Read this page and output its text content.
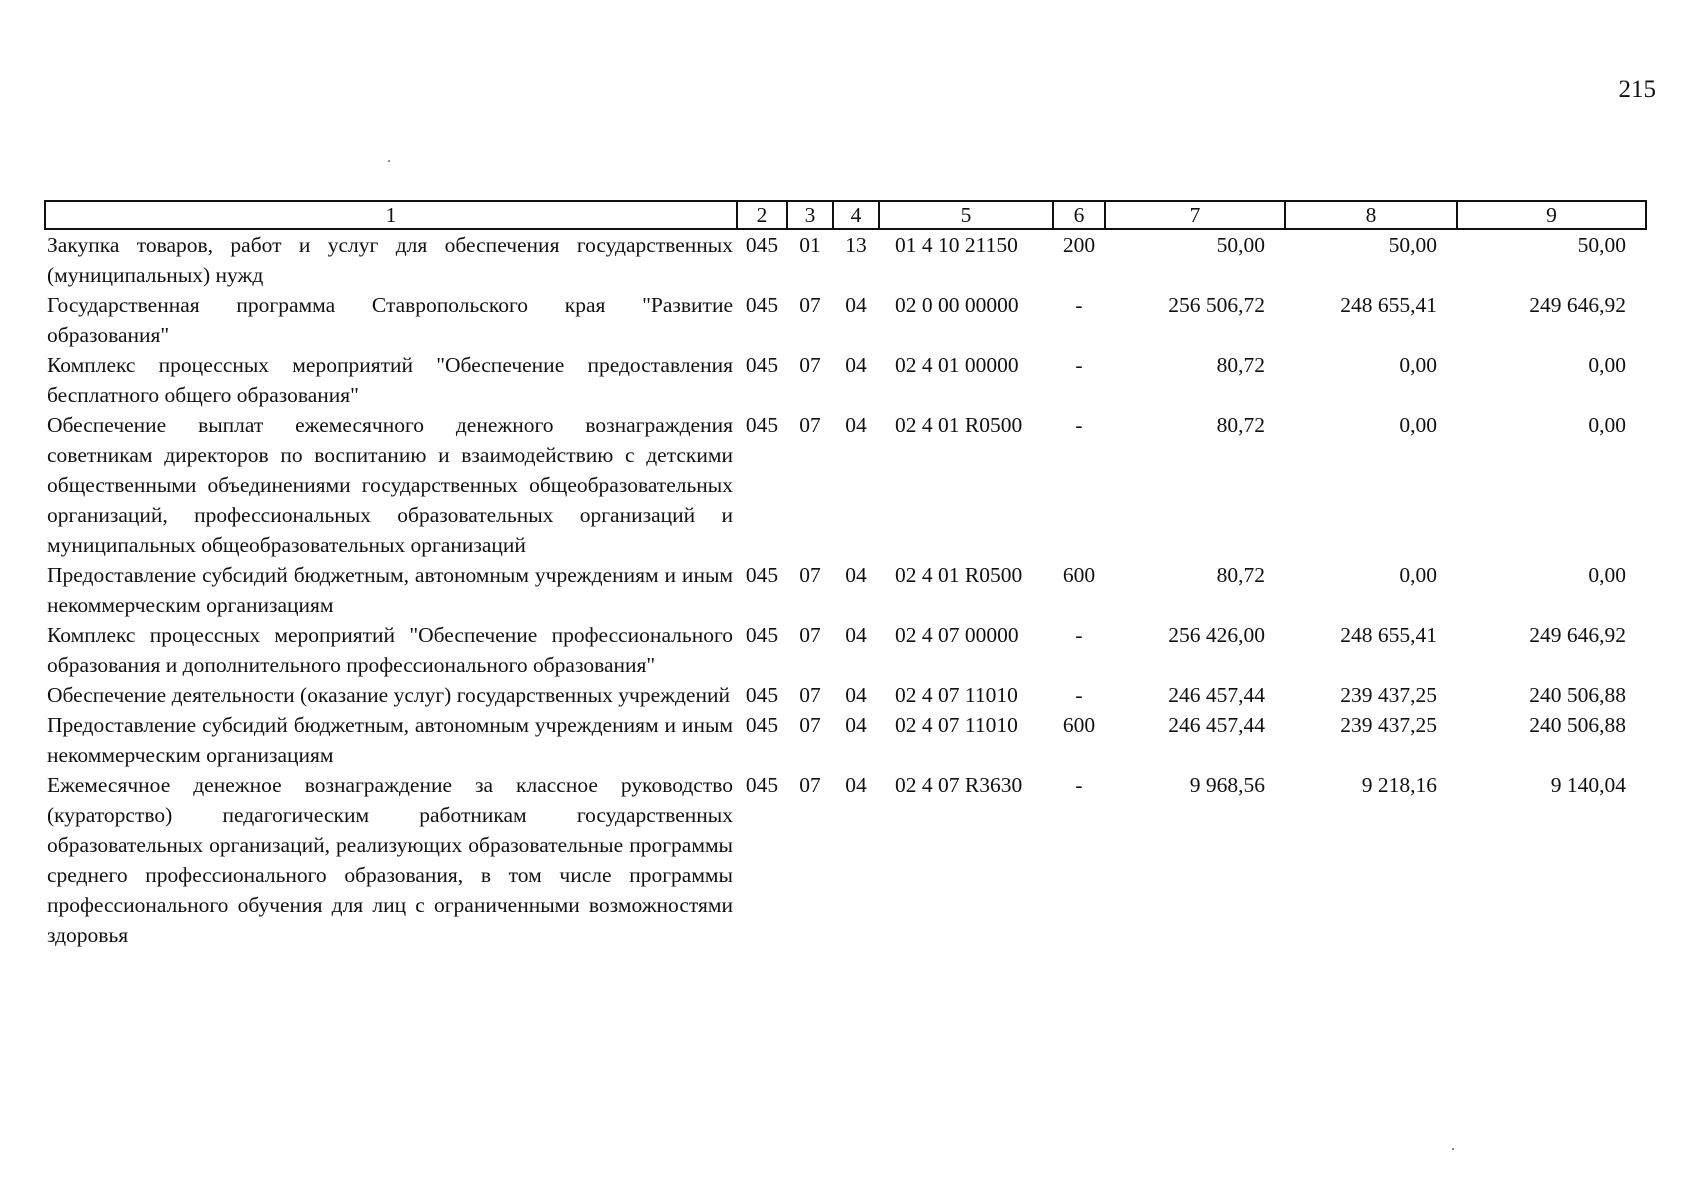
215
1	2	3	4	5	6	7	8	9
Закупка товаров, работ и услуг для обеспечения государственных (муниципальных) нужд	045	01	13	01 4 10 21150	200	50,00	50,00	50,00
Государственная программа Ставропольского края "Развитие образования"	045	07	04	02 0 00 00000	-	256 506,72	248 655,41	249 646,92
Комплекс процессных мероприятий "Обеспечение предоставления бесплатного общего образования"	045	07	04	02 4 01 00000	-	80,72	0,00	0,00
Обеспечение выплат ежемесячного денежного вознаграждения советникам директоров по воспитанию и взаимодействию с детскими общественными объединениями государственных общеобразовательных организаций, профессиональных образовательных организаций и муниципальных общеобразовательных организаций	045	07	04	02 4 01 R0500	-	80,72	0,00	0,00
Предоставление субсидий бюджетным, автономным учреждениям и иным некоммерческим организациям	045	07	04	02 4 01 R0500	600	80,72	0,00	0,00
Комплекс процессных мероприятий "Обеспечение профессионального образования и дополнительного профессионального образования"	045	07	04	02 4 07 00000	-	256 426,00	248 655,41	249 646,92
Обеспечение деятельности (оказание услуг) государственных учреждений	045	07	04	02 4 07 11010	-	246 457,44	239 437,25	240 506,88
Предоставление субсидий бюджетным, автономным учреждениям и иным некоммерческим организациям	045	07	04	02 4 07 11010	600	246 457,44	239 437,25	240 506,88
Ежемесячное денежное вознаграждение за классное руководство (кураторство) педагогическим работникам государственных образовательных организаций, реализующих образовательные программы среднего профессионального образования, в том числе программы профессионального обучения для лиц с ограниченными возможностями здоровья	045	07	04	02 4 07 R3630	-	9 968,56	9 218,16	9 140,04
